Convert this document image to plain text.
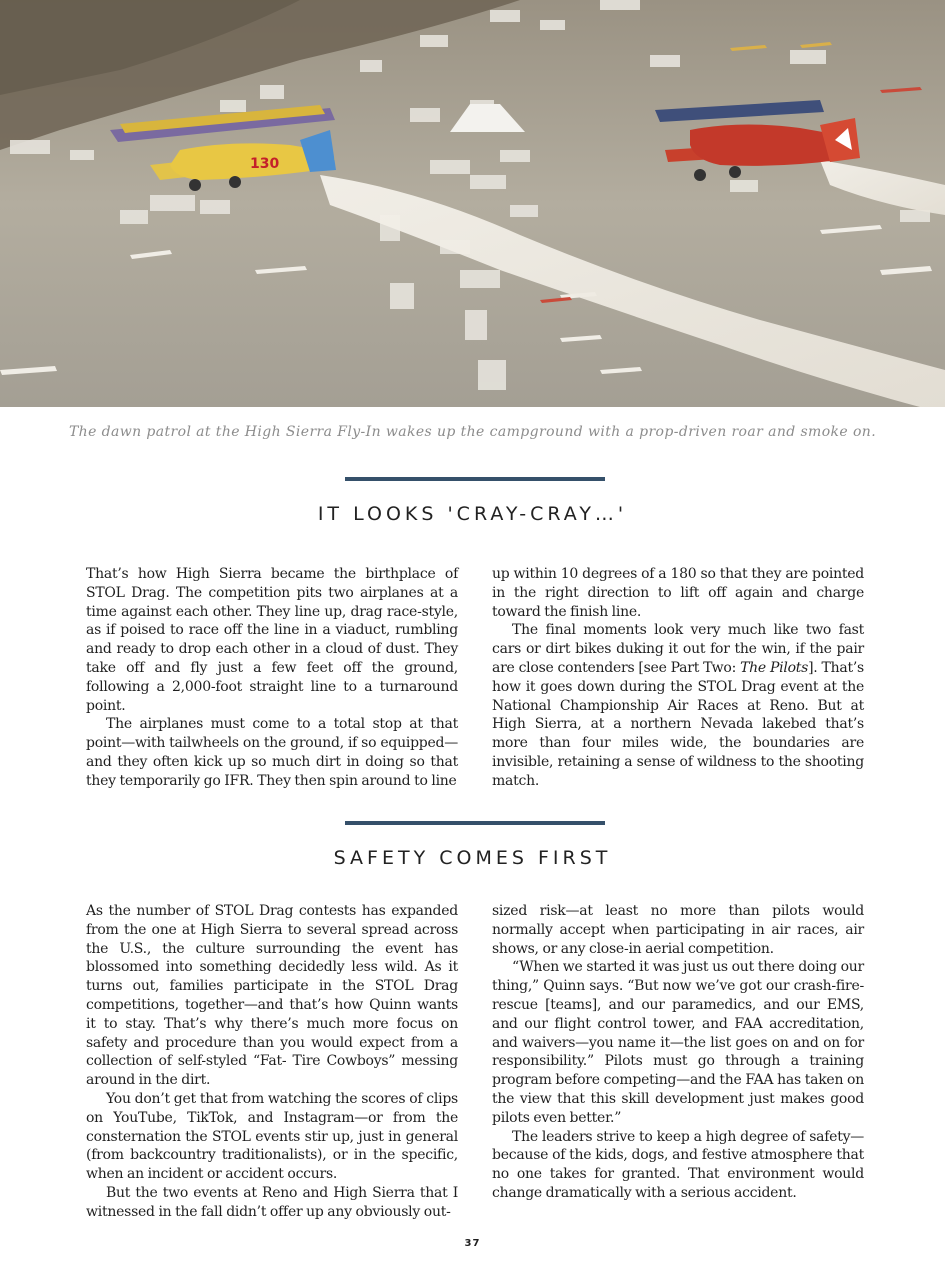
130
The dawn patrol at the High Sierra Fly-In wakes up the campground with a prop-driven roar and smoke on.
IT LOOKS 'CRAY-CRAY…'

That’s how High Sierra became the birthplace of STOL Drag. The competition pits two airplanes at a time against each other. They line up, drag race-style, as if poised to race off the line in a viaduct, rumbling and ready to drop each other in a cloud of dust. They take off and fly just a few feet off the ground, following a 2,000-foot straight line to a turnaround point.

The airplanes must come to a total stop at that point—with tailwheels on the ground, if so equipped—and they often kick up so much dirt in doing so that they temporarily go IFR. They then spin around to line

up within 10 degrees of a 180 so that they are pointed in the right direction to lift off again and charge toward the finish line.

The final moments look very much like two fast cars or dirt bikes duking it out for the win, if the pair are close contenders [see Part Two: The Pilots]. That’s how it goes down during the STOL Drag event at the National Championship Air Races at Reno. But at High Sierra, at a northern Nevada lakebed that’s more than four miles wide, the boundaries are invisible, retaining a sense of wildness to the shooting match.

SAFETY COMES FIRST

As the number of STOL Drag contests has expanded from the one at High Sierra to several spread across the U.S., the culture surrounding the event has blossomed into something decidedly less wild. As it turns out, families participate in the STOL Drag competitions, together—and that’s how Quinn wants it to stay. That’s why there’s much more focus on safety and procedure than you would expect from a collection of self-styled “Fat- Tire Cowboys” messing around in the dirt.

You don’t get that from watching the scores of clips on YouTube, TikTok, and Instagram—or from the consternation the STOL events stir up, just in general (from backcountry traditionalists), or in the specific, when an incident or accident occurs.

But the two events at Reno and High Sierra that I witnessed in the fall didn’t offer up any obviously out-

sized risk—at least no more than pilots would normally accept when participating in air races, air shows, or any close-in aerial competition.

“When we started it was just us out there doing our thing,” Quinn says. “But now we’ve got our crash-fire-rescue [teams], and our paramedics, and our EMS, and our flight control tower, and FAA accreditation, and waivers—you name it—the list goes on and on for responsibility.” Pilots must go through a training program before competing—and the FAA has taken on the view that this skill development just makes good pilots even better.”

The leaders strive to keep a high degree of safety—because of the kids, dogs, and festive atmosphere that no one takes for granted. That environment would change dramatically with a serious accident.

37
